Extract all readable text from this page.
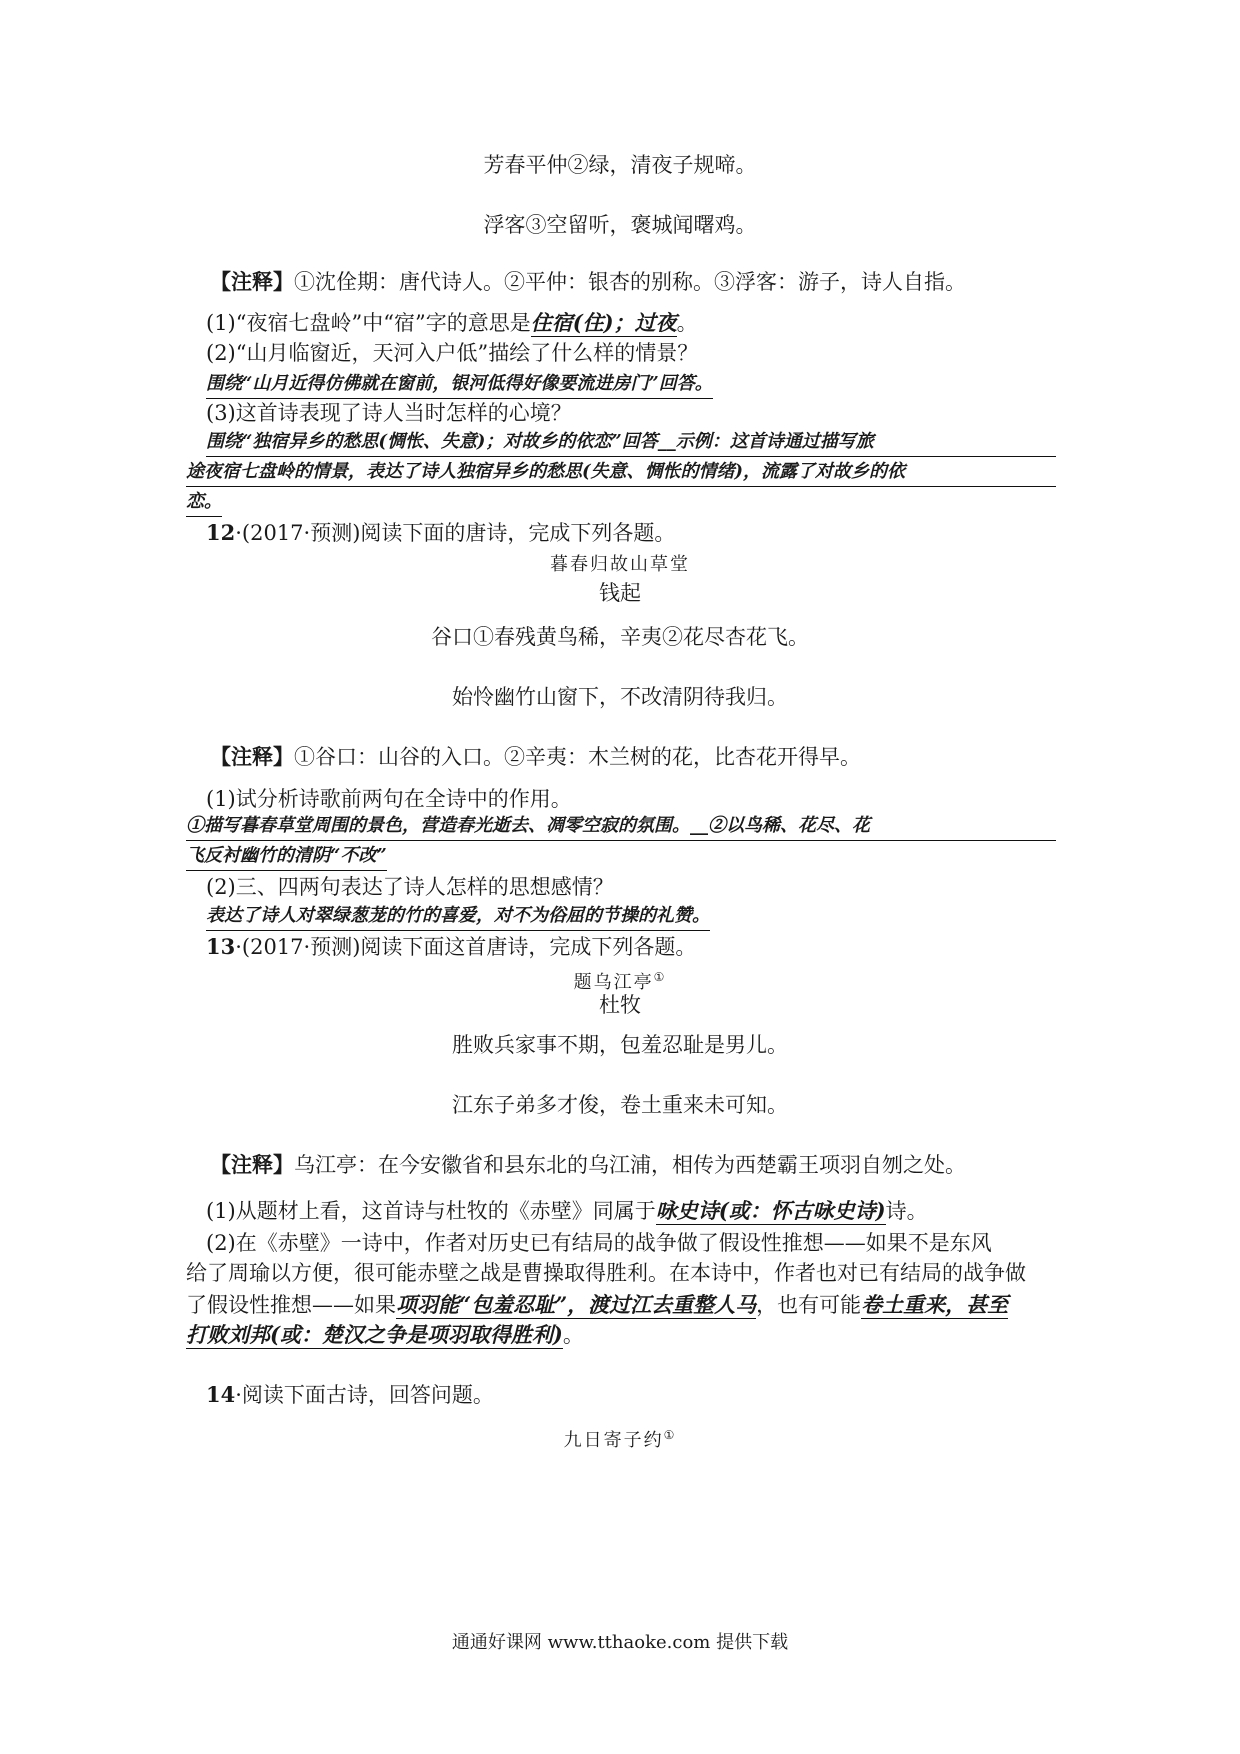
芳春平仲②绿，清夜子规啼。
浮客③空留听，褒城闻曙鸡。
【注释】①沈佺期：唐代诗人。②平仲：银杏的别称。③浮客：游子，诗人自指。
(1)“夜宿七盘岭”中“宿”字的意思是住宿(住)；过夜。
(2)“山月临窗近，天河入户低”描绘了什么样的情景？
围绕“山月近得仿佛就在窗前，银河低得好像要流进房门”回答。
(3)这首诗表现了诗人当时怎样的心境？
围绕“独宿异乡的愁思(惆怅、失意)；对故乡的依恋”回答__示例：这首诗通过描写旅
途夜宿七盘岭的情景，表达了诗人独宿异乡的愁思(失意、惆怅的情绪)，流露了对故乡的依
恋。
12·(2017·预测)阅读下面的唐诗，完成下列各题。
暮春归故山草堂
钱起
谷口①春残黄鸟稀，辛夷②花尽杏花飞。
始怜幽竹山窗下，不改清阴待我归。
【注释】①谷口：山谷的入口。②辛夷：木兰树的花，比杏花开得早。
(1)试分析诗歌前两句在全诗中的作用。
①描写暮春草堂周围的景色，营造春光逝去、凋零空寂的氛围。__②以鸟稀、花尽、花
飞反衬幽竹的清阴“不改”
(2)三、四两句表达了诗人怎样的思想感情？
表达了诗人对翠绿葱茏的竹的喜爱，对不为俗屈的节操的礼赞。
13·(2017·预测)阅读下面这首唐诗，完成下列各题。
题乌江亭①
杜牧
胜败兵家事不期，包羞忍耻是男儿。
江东子弟多才俊，卷土重来未可知。
【注释】乌江亭：在今安徽省和县东北的乌江浦，相传为西楚霸王项羽自刎之处。
(1)从题材上看，这首诗与杜牧的《赤壁》同属于咏史诗(或：怀古咏史诗)诗。
(2)在《赤壁》一诗中，作者对历史已有结局的战争做了假设性推想——如果不是东风
给了周瑜以方便，很可能赤壁之战是曹操取得胜利。在本诗中，作者也对已有结局的战争做
了假设性推想——如果项羽能“包羞忍耻”，渡过江去重整人马，也有可能卷土重来，甚至
打败刘邦(或：楚汉之争是项羽取得胜利)。
14·阅读下面古诗，回答问题。
九日寄子约①
通通好课网 www.tthaoke.com 提供下载
